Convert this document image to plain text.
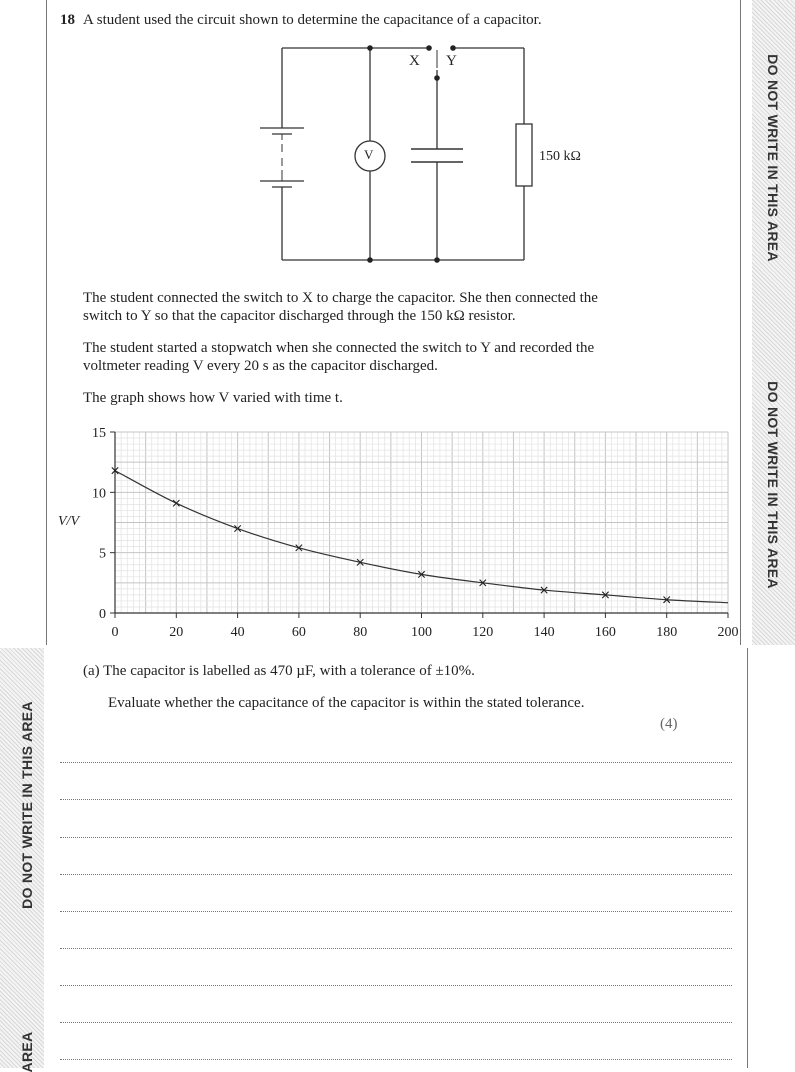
DO NOT WRITE IN THIS AREA
DO NOT WRITE IN THIS AREA
DO NOT WRITE IN THIS AREA
AREA
18 A student used the circuit shown to determine the capacitance of a capacitor.
X Y
V	150 kΩ
The student connected the switch to X to charge the capacitor. She then connected the
switch to Y so that the capacitor discharged through the 150 kΩ resistor.
The student started a stopwatch when she connected the switch to Y and recorded the
voltmeter reading V every 20 s as the capacitor discharged.
The graph shows how V varied with time t.
0	20	40	60	80	100	120	140	160	180	200
0
5
10
15
V/V
(a) The capacitor is labelled as 470 µF, with a tolerance of ±10%.
Evaluate whether the capacitance of the capacitor is within the stated tolerance.
(4)
